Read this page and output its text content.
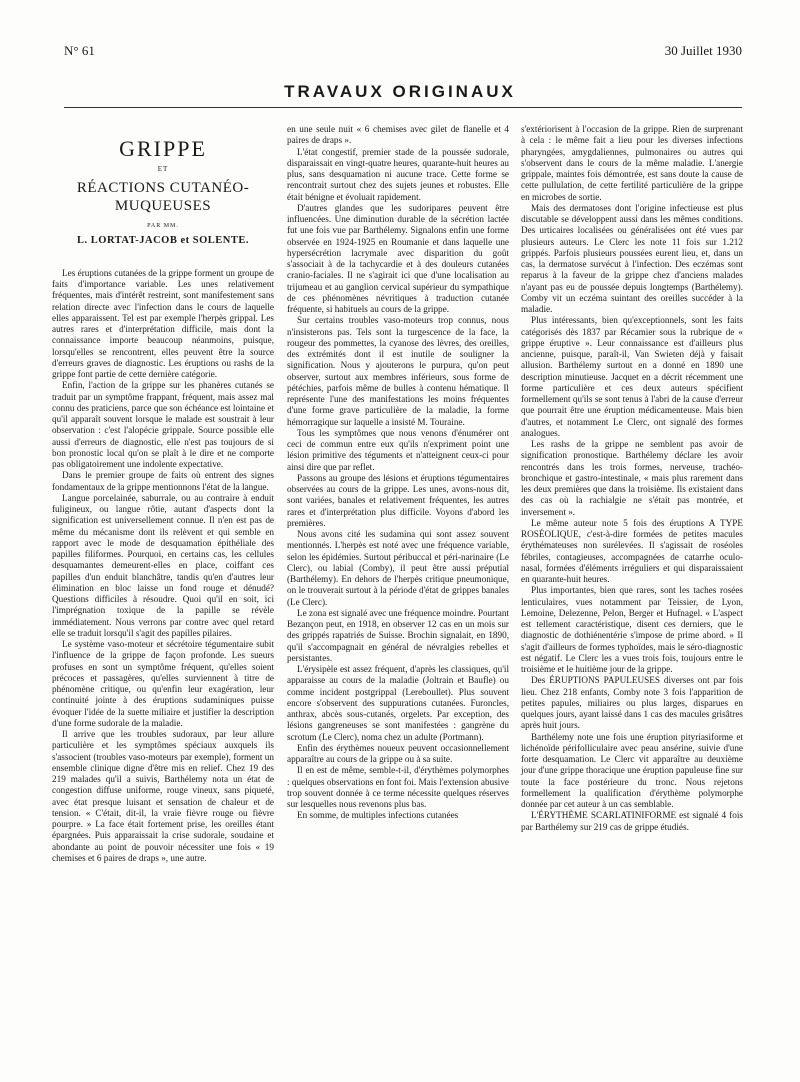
N° 61	30 Juillet 1930
TRAVAUX ORIGINAUX
GRIPPE
ET
RÉACTIONS CUTANÉO-MUQUEUSES
PAR MM.
L. LORTAT-JACOB et SOLENTE.

Les éruptions cutanées de la grippe forment un groupe de faits d'importance variable. Les unes relativement fréquentes, mais d'intérêt restreint, sont manifestement sans relation directe avec l'infection dans le cours de laquelle elles apparaissent. Tel est par exemple l'herpès grippal. Les autres rares et d'interprétation difficile, mais dont la connaissance importe beaucoup néanmoins, puisque, lorsqu'elles se rencontrent, elles peuvent être la source d'erreurs graves de diagnostic. Les éruptions ou rashs de la grippe font partie de cette dernière catégorie.

Enfin, l'action de la grippe sur les phanères cutanés se traduit par un symptôme frappant, fréquent, mais assez mal connu des praticiens, parce que son échéance est lointaine et qu'il apparaît souvent lorsque le malade est soustrait à leur observation : c'est l'alopécie grippale. Source possible elle aussi d'erreurs de diagnostic, elle n'est pas toujours de si bon pronostic local qu'on se plaît à le dire et ne comporte pas obligatoirement une indolente expectative.

Dans le premier groupe de faits où entrent des signes fondamentaux de la grippe mentionnons l'état de la langue.

Langue porcelainée, saburrale, ou au contraire à enduit fuligineux, ou langue rôtie, autant d'aspects dont la signification est universellement connue. Il n'en est pas de même du mécanisme dont ils relèvent et qui semble en rapport avec le mode de desquamation épithéliale des papilles filiformes. Pourquoi, en certains cas, les cellules desquamantes demeurent-elles en place, coiffant ces papilles d'un enduit blanchâtre, tandis qu'en d'autres leur élimination en bloc laisse un fond rouge et dénudé? Questions difficiles à résoudre. Quoi qu'il en soit, ici l'imprégnation toxique de la papille se révèle immédiatement. Nous verrons par contre avec quel retard elle se traduit lorsqu'il s'agit des papilles pilaires.

Le système vaso-moteur et sécrétoire tégumentaire subit l'influence de la grippe de façon profonde. Les sueurs profuses en sont un symptôme fréquent, qu'elles soient précoces et passagères, qu'elles surviennent à titre de phénomène critique, ou qu'enfin leur exagération, leur continuité jointe à des éruptions sudaminiques puisse évoquer l'idée de la suette miliaire et justifier la description d'une forme sudorale de la maladie.

Il arrive que les troubles sudoraux, par leur allure particulière et les symptômes spéciaux auxquels ils s'associent (troubles vaso-moteurs par exemple), forment un ensemble clinique digne d'être mis en relief. Chez 19 des 219 malades qu'il a suivis, Barthélemy nota un état de congestion diffuse uniforme, rouge vineux, sans piqueté, avec état presque luisant et sensation de chaleur et de tension. « C'était, dit-il, la vraie fièvre rouge ou fièvre pourpre. » La face était fortement prise, les oreilles étant épargnées. Puis apparaissait la crise sudorale, soudaine et abondante au point de pouvoir nécessiter une fois « 19 chemises et 6 paires de draps », une autre.

en une seule nuit « 6 chemises avec gilet de flanelle et 4 paires de draps ».

L'état congestif, premier stade de la poussée sudorale, disparaissait en vingt-quatre heures, quarante-huit heures au plus, sans desquamation ni aucune trace. Cette forme se rencontrait surtout chez des sujets jeunes et robustes. Elle était bénigne et évoluait rapidement.

D'autres glandes que les sudoripares peuvent être influencées. Une diminution durable de la sécrétion lactée fut une fois vue par Barthélemy. Signalons enfin une forme observée en 1924-1925 en Roumanie et dans laquelle une hypersécrétion lacrymale avec disparition du goût s'associait à de la tachycardie et à des douleurs cutanées cranio-faciales. Il ne s'agirait ici que d'une localisation au trijumeau et au ganglion cervical supérieur du sympathique de ces phénomènes névritiques à traduction cutanée fréquente, si habituels au cours de la grippe.

Sur certains troubles vaso-moteurs trop connus, nous n'insisterons pas. Tels sont la turgescence de la face, la rougeur des pommettes, la cyanose des lèvres, des oreilles, des extrémités dont il est inutile de souligner la signification. Nous y ajouterons le purpura, qu'on peut observer, surtout aux membres inférieurs, sous forme de pétéchies, parfois même de bulles à contenu hématique. Il représente l'une des manifestations les moins fréquentes d'une forme grave particulière de la maladie, la forme hémorragique sur laquelle a insisté M. Touraine.

Tous les symptômes que nous venons d'énumérer ont ceci de commun entre eux qu'ils n'expriment point une lésion primitive des téguments et n'atteignent ceux-ci pour ainsi dire que par reflet.

Passons au groupe des lésions et éruptions tégumentaires observées au cours de la grippe. Les unes, avons-nous dit, sont variées, banales et relativement fréquentes, les autres rares et d'interprétation plus difficile. Voyons d'abord les premières.

Nous avons cité les sudamina qui sont assez souvent mentionnés. L'herpès est noté avec une fréquence variable, selon les épidémies. Surtout péribuccal et péri-narinaire (Le Clerc), ou labial (Comby), il peut être aussi préputial (Barthélemy). En dehors de l'herpès critique pneumonique, on le trouverait surtout à la période d'état de grippes banales (Le Clerc).

Le zona est signalé avec une fréquence moindre. Pourtant Bezançon peut, en 1918, en observer 12 cas en un mois sur des grippés rapatriés de Suisse. Brochin signalait, en 1890, qu'il s'accompagnait en général de névralgies rebelles et persistantes.

L'érysipèle est assez fréquent, d'après les classiques, qu'il apparaisse au cours de la maladie (Joltrain et Baufle) ou comme incident postgrippal (Lereboullet). Plus souvent encore s'observent des suppurations cutanées. Furoncles, anthrax, abcès sous-cutanés, orgelets. Par exception, des lésions gangreneuses se sont manifestées : gangrène du scrotum (Le Clerc), noma chez un adulte (Portmann).

Enfin des érythèmes noueux peuvent occasionnellement apparaître au cours de la grippe ou à sa suite.

Il en est de même, semble-t-il, d'érythèmes polymorphes : quelques observations en font foi. Mais l'extension abusive trop souvent donnée à ce terme nécessite quelques réserves sur lesquelles nous revenons plus bas.

En somme, de multiples infections cutanées

s'extériorisent à l'occasion de la grippe. Rien de surprenant à cela : le même fait a lieu pour les diverses infections pharyngées, amygdaliennes, pulmonaires ou autres qui s'observent dans le cours de la même maladie. L'anergie grippale, maintes fois démontrée, est sans doute la cause de cette pullulation, de cette fertilité particulière de la grippe en microbes de sortie.

Mais des dermatoses dont l'origine infectieuse est plus discutable se développent aussi dans les mêmes conditions. Des urticaires localisées ou généralisées ont été vues par plusieurs auteurs. Le Clerc les note 11 fois sur 1.212 grippés. Parfois plusieurs poussées eurent lieu, et, dans un cas, la dermatose survécut à l'infection. Des eczémas sont reparus à la faveur de la grippe chez d'anciens malades n'ayant pas eu de poussée depuis longtemps (Barthélemy). Comby vit un eczéma suintant des oreilles succéder à la maladie.

Plus intéressants, bien qu'exceptionnels, sont les faits catégorisés dès 1837 par Récamier sous la rubrique de « grippe éruptive ». Leur connaissance est d'ailleurs plus ancienne, puisque, paraît-il, Van Swieten déjà y faisait allusion. Barthélemy surtout en a donné en 1890 une description minutieuse. Jacquet en a décrit récemment une forme particulière et ces deux auteurs spécifient formellement qu'ils se sont tenus à l'abri de la cause d'erreur que pourrait être une éruption médicamenteuse. Mais bien d'autres, et notamment Le Clerc, ont signalé des formes analogues.

Les rashs de la grippe ne semblent pas avoir de signification pronostique. Barthélemy déclare les avoir rencontrés dans les trois formes, nerveuse, trachéo-bronchique et gastro-intestinale, « mais plus rarement dans les deux premières que dans la troisième. Ils existaient dans des cas où la rachialgie ne s'était pas montrée, et inversement ».

Le même auteur note 5 fois des éruptions A TYPE ROSÉOLIQUE, c'est-à-dire formées de petites macules érythémateuses non surélevées. Il s'agissait de roséoles fébriles, contagieuses, accompagnées de catarrhe oculo-nasal, formées d'éléments irréguliers et qui disparaissaient en quarante-huit heures.

Plus importantes, bien que rares, sont les taches rosées lenticulaires, vues notamment par Teissier, de Lyon, Lemoine, Delezenne, Pelon, Berger et Hufnagel. « L'aspect est tellement caractéristique, disent ces derniers, que le diagnostic de dothiénentérie s'impose de prime abord. » Il s'agit d'ailleurs de formes typhoïdes, mais le séro-diagnostic est négatif. Le Clerc les a vues trois fois, toujours entre le troisième et le huitième jour de la grippe.

Des ÉRUPTIONS PAPULEUSES diverses ont par fois lieu. Chez 218 enfants, Comby note 3 fois l'apparition de petites papules, miliaires ou plus larges, disparues en quelques jours, ayant laissé dans 1 cas des macules grisâtres après huit jours.

Barthélemy note une fois une éruption pityriasiforme et lichénoïde périfolliculaire avec peau ansérine, suivie d'une forte desquamation. Le Clerc vit apparaître au deuxième jour d'une grippe thoracique une éruption papuleuse fine sur toute la face postérieure du tronc. Nous rejetons formellement la qualification d'érythème polymorphe donnée par cet auteur à un cas semblable.

L'ÉRYTHÈME SCARLATINIFORME est signalé 4 fois par Barthélemy sur 219 cas de grippe étudiés.
